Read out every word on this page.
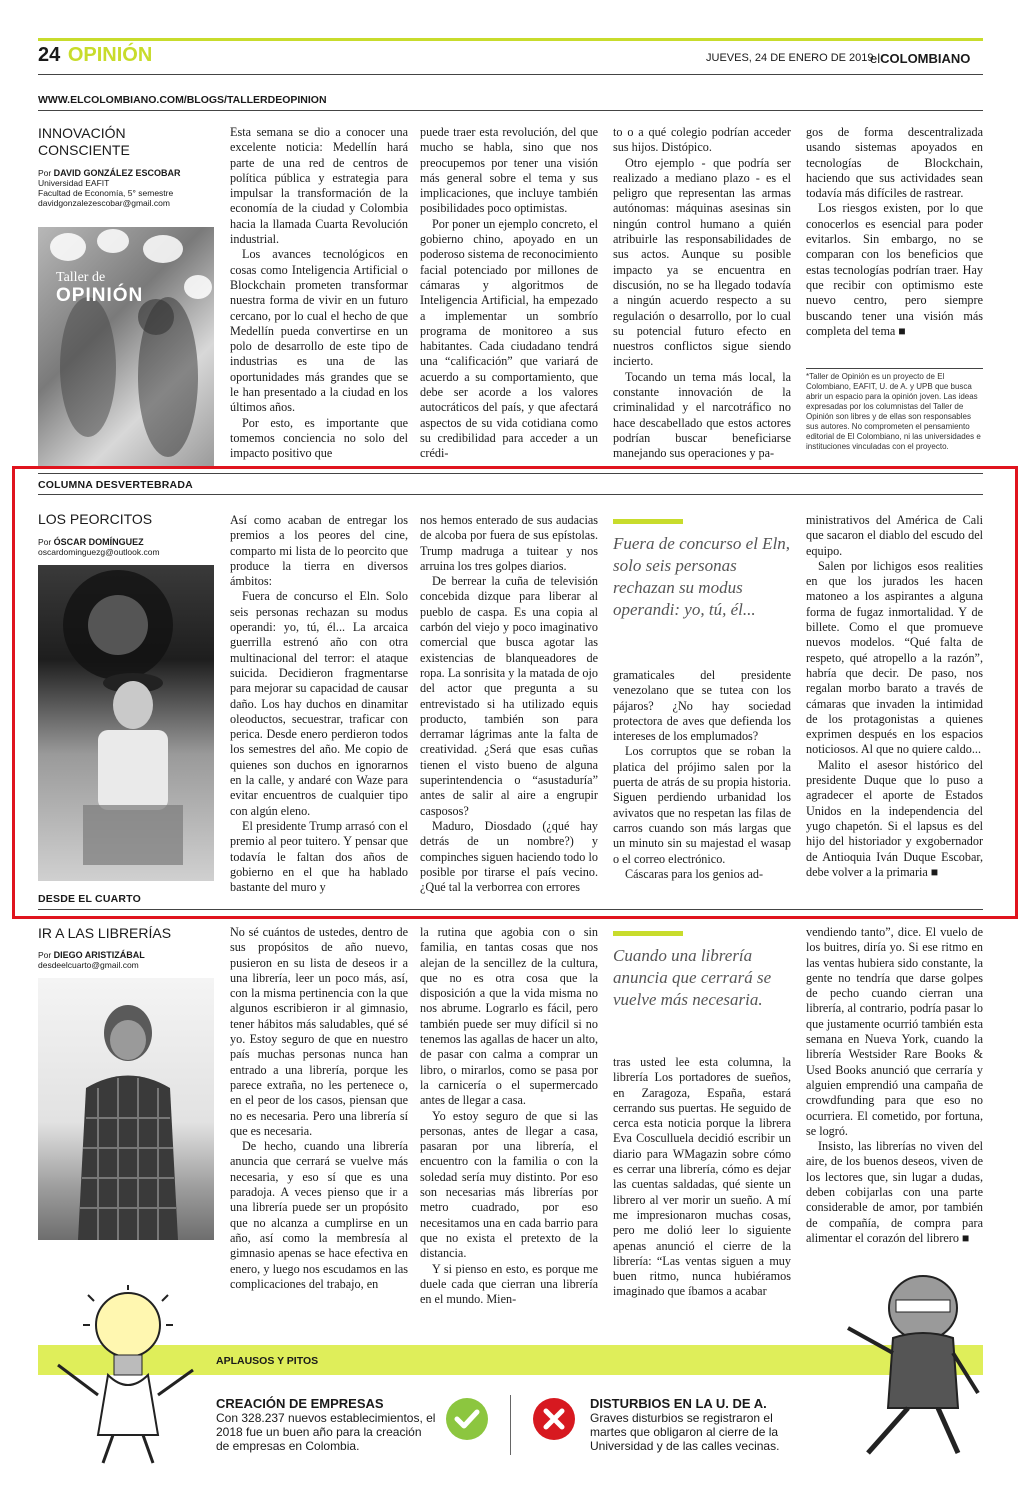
24 OPINIÓN	JUEVES, 24 DE ENERO DE 2019
elCOLOMBIANO
WWW.ELCOLOMBIANO.COM/BLOGS/TALLERDEOPINION
INNOVACIÓN CONSCIENTE
Por DAVID GONZÁLEZ ESCOBAR
Universidad EAFIT
Facultad de Economía, 5° semestre
davidgonzalezescobar@gmail.com
Taller de
OPINIÓN

Esta semana se dio a conocer una excelente noticia: Medellín hará parte de una red de centros de política pública y estrategia para impulsar la transformación de la economía de la ciudad y Colombia hacia la llamada Cuarta Revolución industrial.

Los avances tecnológicos en cosas como Inteligencia Artificial o Blockchain prometen transformar nuestra forma de vivir en un futuro cercano, por lo cual el hecho de que Medellín pueda convertirse en un polo de desarrollo de este tipo de industrias es una de las oportunidades más grandes que se le han presentado a la ciudad en los últimos años.

Por esto, es importante que tomemos conciencia no solo del impacto positivo que

puede traer esta revolución, del que mucho se habla, sino que nos preocupemos por tener una visión más general sobre el tema y sus implicaciones, que incluye también posibilidades poco optimistas.

Por poner un ejemplo concreto, el gobierno chino, apoyado en un poderoso sistema de reconocimiento facial potenciado por millones de cámaras y algoritmos de Inteligencia Artificial, ha empezado a implementar un sombrío programa de monitoreo a sus habitantes. Cada ciudadano tendrá una “calificación” que variará de acuerdo a su comportamiento, que debe ser acorde a los valores autocráticos del país, y que afectará aspectos de su vida cotidiana como su credibilidad para acceder a un crédi-

to o a qué colegio podrían acceder sus hijos. Distópico.

Otro ejemplo - que podría ser realizado a mediano plazo - es el peligro que representan las armas autónomas: máquinas asesinas sin ningún control humano a quién atribuirle las responsabilidades de sus actos. Aunque su posible impacto ya se encuentra en discusión, no se ha llegado todavía a ningún acuerdo respecto a su regulación o desarrollo, por lo cual su potencial futuro efecto en nuestros conflictos sigue siendo incierto.

Tocando un tema más local, la constante innovación de la criminalidad y el narcotráfico no hace descabellado que estos actores podrían buscar beneficiarse manejando sus operaciones y pa-

gos de forma descentralizada usando sistemas apoyados en tecnologías de Blockchain, haciendo que sus actividades sean todavía más difíciles de rastrear.

Los riesgos existen, por lo que conocerlos es esencial para poder evitarlos. Sin embargo, no se comparan con los beneficios que estas tecnologías podrían traer. Hay que recibir con optimismo este nuevo centro, pero siempre buscando tener una visión más completa del tema ■

*Taller de Opinión es un proyecto de El Colombiano, EAFIT, U. de A. y UPB que busca abrir un espacio para la opinión joven. Las ideas expresadas por los columnistas del Taller de Opinión son libres y de ellas son responsables sus autores. No comprometen el pensamiento editorial de El Colombiano, ni las universidades e instituciones vinculadas con el proyecto.
COLUMNA DESVERTEBRADA
LOS PEORCITOS
Por ÓSCAR DOMÍNGUEZ
oscardominguezg@outlook.com

Así como acaban de entregar los premios a los peores del cine, comparto mi lista de lo peorcito que produce la tierra en diversos ámbitos:

Fuera de concurso el Eln. Solo seis personas rechazan su modus operandi: yo, tú, él... La arcaica guerrilla estrenó año con otra multinacional del terror: el ataque suicida. Decidieron fragmentarse para mejorar su capacidad de causar daño. Los hay duchos en dinamitar oleoductos, secuestrar, traficar con perica. Desde enero perdieron todos los semestres del año. Me copio de quienes son duchos en ignorarnos en la calle, y andaré con Waze para evitar encuentros de cualquier tipo con algún eleno.

El presidente Trump arrasó con el premio al peor tuitero. Y pensar que todavía le faltan dos años de gobierno en el que ha hablado bastante del muro y

nos hemos enterado de sus audacias de alcoba por fuera de sus epístolas. Trump madruga a tuitear y nos arruina los tres golpes diarios.

De berrear la cuña de televisión concebida dizque para liberar al pueblo de caspa. Es una copia al carbón del viejo y poco imaginativo comercial que busca agotar las existencias de blanqueadores de ropa. La sonrisita y la matada de ojo del actor que pregunta a su entrevistado si ha utilizado equis producto, también son para derramar lágrimas ante la falta de creatividad. ¿Será que esas cuñas tienen el visto bueno de alguna superintendencia o “asustaduría” antes de salir al aire a engrupir casposos?

Maduro, Diosdado (¿qué hay detrás de un nombre?) y compinches siguen haciendo todo lo posible por tirarse el país vecino. ¿Qué tal la verborrea con errores

Fuera de concurso el Eln, solo seis personas rechazan su modus operandi: yo, tú, él...

gramaticales del presidente venezolano que se tutea con los pájaros? ¿No hay sociedad protectora de aves que defienda los intereses de los emplumados?

Los corruptos que se roban la platica del prójimo salen por la puerta de atrás de su propia historia. Siguen perdiendo urbanidad los avivatos que no respetan las filas de carros cuando son más largas que un minuto sin su majestad el wasap o el correo electrónico.

Cáscaras para los genios ad-

ministrativos del América de Cali que sacaron el diablo del escudo del equipo.

Salen por lichigos esos realities en que los jurados les hacen matoneo a los aspirantes a alguna forma de fugaz inmortalidad. Y de billete. Como el que promueve nuevos modelos. “Qué falta de respeto, qué atropello a la razón”, habría que decir. De paso, nos regalan morbo barato a través de cámaras que invaden la intimidad de los protagonistas a quienes exprimen después en los espacios noticiosos. Al que no quiere caldo...

Malito el asesor histórico del presidente Duque que lo puso a agradecer el aporte de Estados Unidos en la independencia del yugo chapetón. Si el lapsus es del hijo del historiador y exgobernador de Antioquia Iván Duque Escobar, debe volver a la primaria ■

DESDE EL CUARTO
IR A LAS LIBRERÍAS
Por DIEGO ARISTIZÁBAL
desdeelcuarto@gmail.com

No sé cuántos de ustedes, dentro de sus propósitos de año nuevo, pusieron en su lista de deseos ir a una librería, leer un poco más, así, con la misma pertinencia con la que algunos escribieron ir al gimnasio, tener hábitos más saludables, qué sé yo. Estoy seguro de que en nuestro país muchas personas nunca han entrado a una librería, porque les parece extraña, no les pertenece o, en el peor de los casos, piensan que no es necesaria. Pero una librería sí que es necesaria.

De hecho, cuando una librería anuncia que cerrará se vuelve más necesaria, y eso sí que es una paradoja. A veces pienso que ir a una librería puede ser un propósito que no alcanza a cumplirse en un año, así como la membresía al gimnasio apenas se hace efectiva en enero, y luego nos escudamos en las complicaciones del trabajo, en

la rutina que agobia con o sin familia, en tantas cosas que nos alejan de la sencillez de la cultura, que no es otra cosa que la disposición a que la vida misma no nos abrume. Lograrlo es fácil, pero también puede ser muy difícil si no tenemos las agallas de hacer un alto, de pasar con calma a comprar un libro, o mirarlos, como se pasa por la carnicería o el supermercado antes de llegar a casa.

Yo estoy seguro de que si las personas, antes de llegar a casa, pasaran por una librería, el encuentro con la familia o con la soledad sería muy distinto. Por eso son necesarias más librerías por metro cuadrado, por eso necesitamos una en cada barrio para que no exista el pretexto de la distancia.

Y si pienso en esto, es porque me duele cada que cierran una librería en el mundo. Mien-

Cuando una librería anuncia que cerrará se vuelve más necesaria.
tras usted lee esta columna, la librería Los portadores de sueños, en Zaragoza, España, estará cerrando sus puertas. He seguido de cerca esta noticia porque la librera Eva Cosculluela decidió escribir un diario para WMagazin sobre cómo es cerrar una librería, cómo es dejar las cuentas saldadas, qué siente un librero al ver morir un sueño. A mí me impresionaron muchas cosas, pero me dolió leer lo siguiente apenas anunció el cierre de la librería: “Las ventas siguen a muy buen ritmo, nunca hubiéramos imaginado que íbamos a acabar

vendiendo tanto”, dice. El vuelo de los buitres, diría yo. Si ese ritmo en las ventas hubiera sido constante, la gente no tendría que darse golpes de pecho cuando cierran una librería, al contrario, podría pasar lo que justamente ocurrió también esta semana en Nueva York, cuando la librería Westsider Rare Books & Used Books anunció que cerraría y alguien emprendió una campaña de crowdfunding para que eso no ocurriera. El cometido, por fortuna, se logró.

Insisto, las librerías no viven del aire, de los buenos deseos, viven de los lectores que, sin lugar a dudas, deben cobijarlas con una parte considerable de amor, por también de compañía, de compra para alimentar el corazón del librero ■

APLAUSOS Y PITOS
CREACIÓN DE EMPRESAS
Con 328.237 nuevos establecimientos, el 2018 fue un buen año para la creación de empresas en Colombia.
DISTURBIOS EN LA U. DE A.
Graves disturbios se registraron el martes que obligaron al cierre de la Universidad y de las calles vecinas.
